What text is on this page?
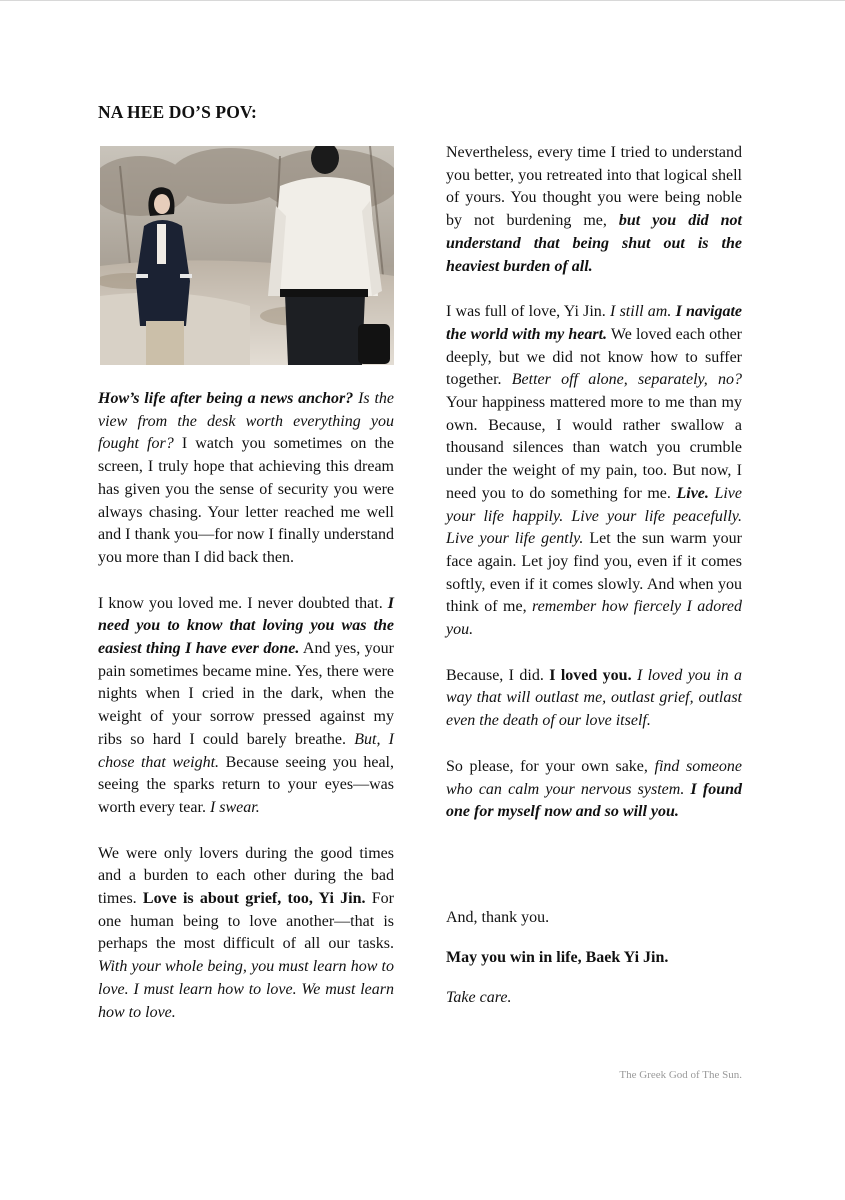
NA HEE DO’S POV:

How’s life after being a news anchor? Is the view from the desk worth everything you fought for? I watch you sometimes on the screen, I truly hope that achieving this dream has given you the sense of security you were always chasing. Your letter reached me well and I thank you—for now I finally understand you more than I did back then.

I know you loved me. I never doubted that. I need you to know that loving you was the easiest thing I have ever done. And yes, your pain sometimes became mine. Yes, there were nights when I cried in the dark, when the weight of your sorrow pressed against my ribs so hard I could barely breathe. But, I chose that weight. Because seeing you heal, seeing the sparks return to your eyes—was worth every tear. I swear.

We were only lovers during the good times and a burden to each other during the bad times. Love is about grief, too, Yi Jin. For one human being to love another—that is perhaps the most difficult of all our tasks. With your whole being, you must learn how to love. I must learn how to love. We must learn how to love.

Nevertheless, every time I tried to understand you better, you retreated into that logical shell of yours. You thought you were being noble by not burdening me, but you did not understand that being shut out is the heaviest burden of all.

I was full of love, Yi Jin. I still am. I navigate the world with my heart. We loved each other deeply, but we did not know how to suffer together. Better off alone, separately, no? Your happiness mattered more to me than my own. Because, I would rather swallow a thousand silences than watch you crumble under the weight of my pain, too. But now, I need you to do something for me. Live. Live your life happily. Live your life peacefully. Live your life gently. Let the sun warm your face again. Let joy find you, even if it comes softly, even if it comes slowly. And when you think of me, remember how fiercely I adored you.

Because, I did. I loved you. I loved you in a way that will outlast me, outlast grief, outlast even the death of our love itself.

So please, for your own sake, find someone who can calm your nervous system. I found one for myself now and so will you.

And, thank you.
May you win in life, Baek Yi Jin.
Take care.
The Greek God of The Sun.
